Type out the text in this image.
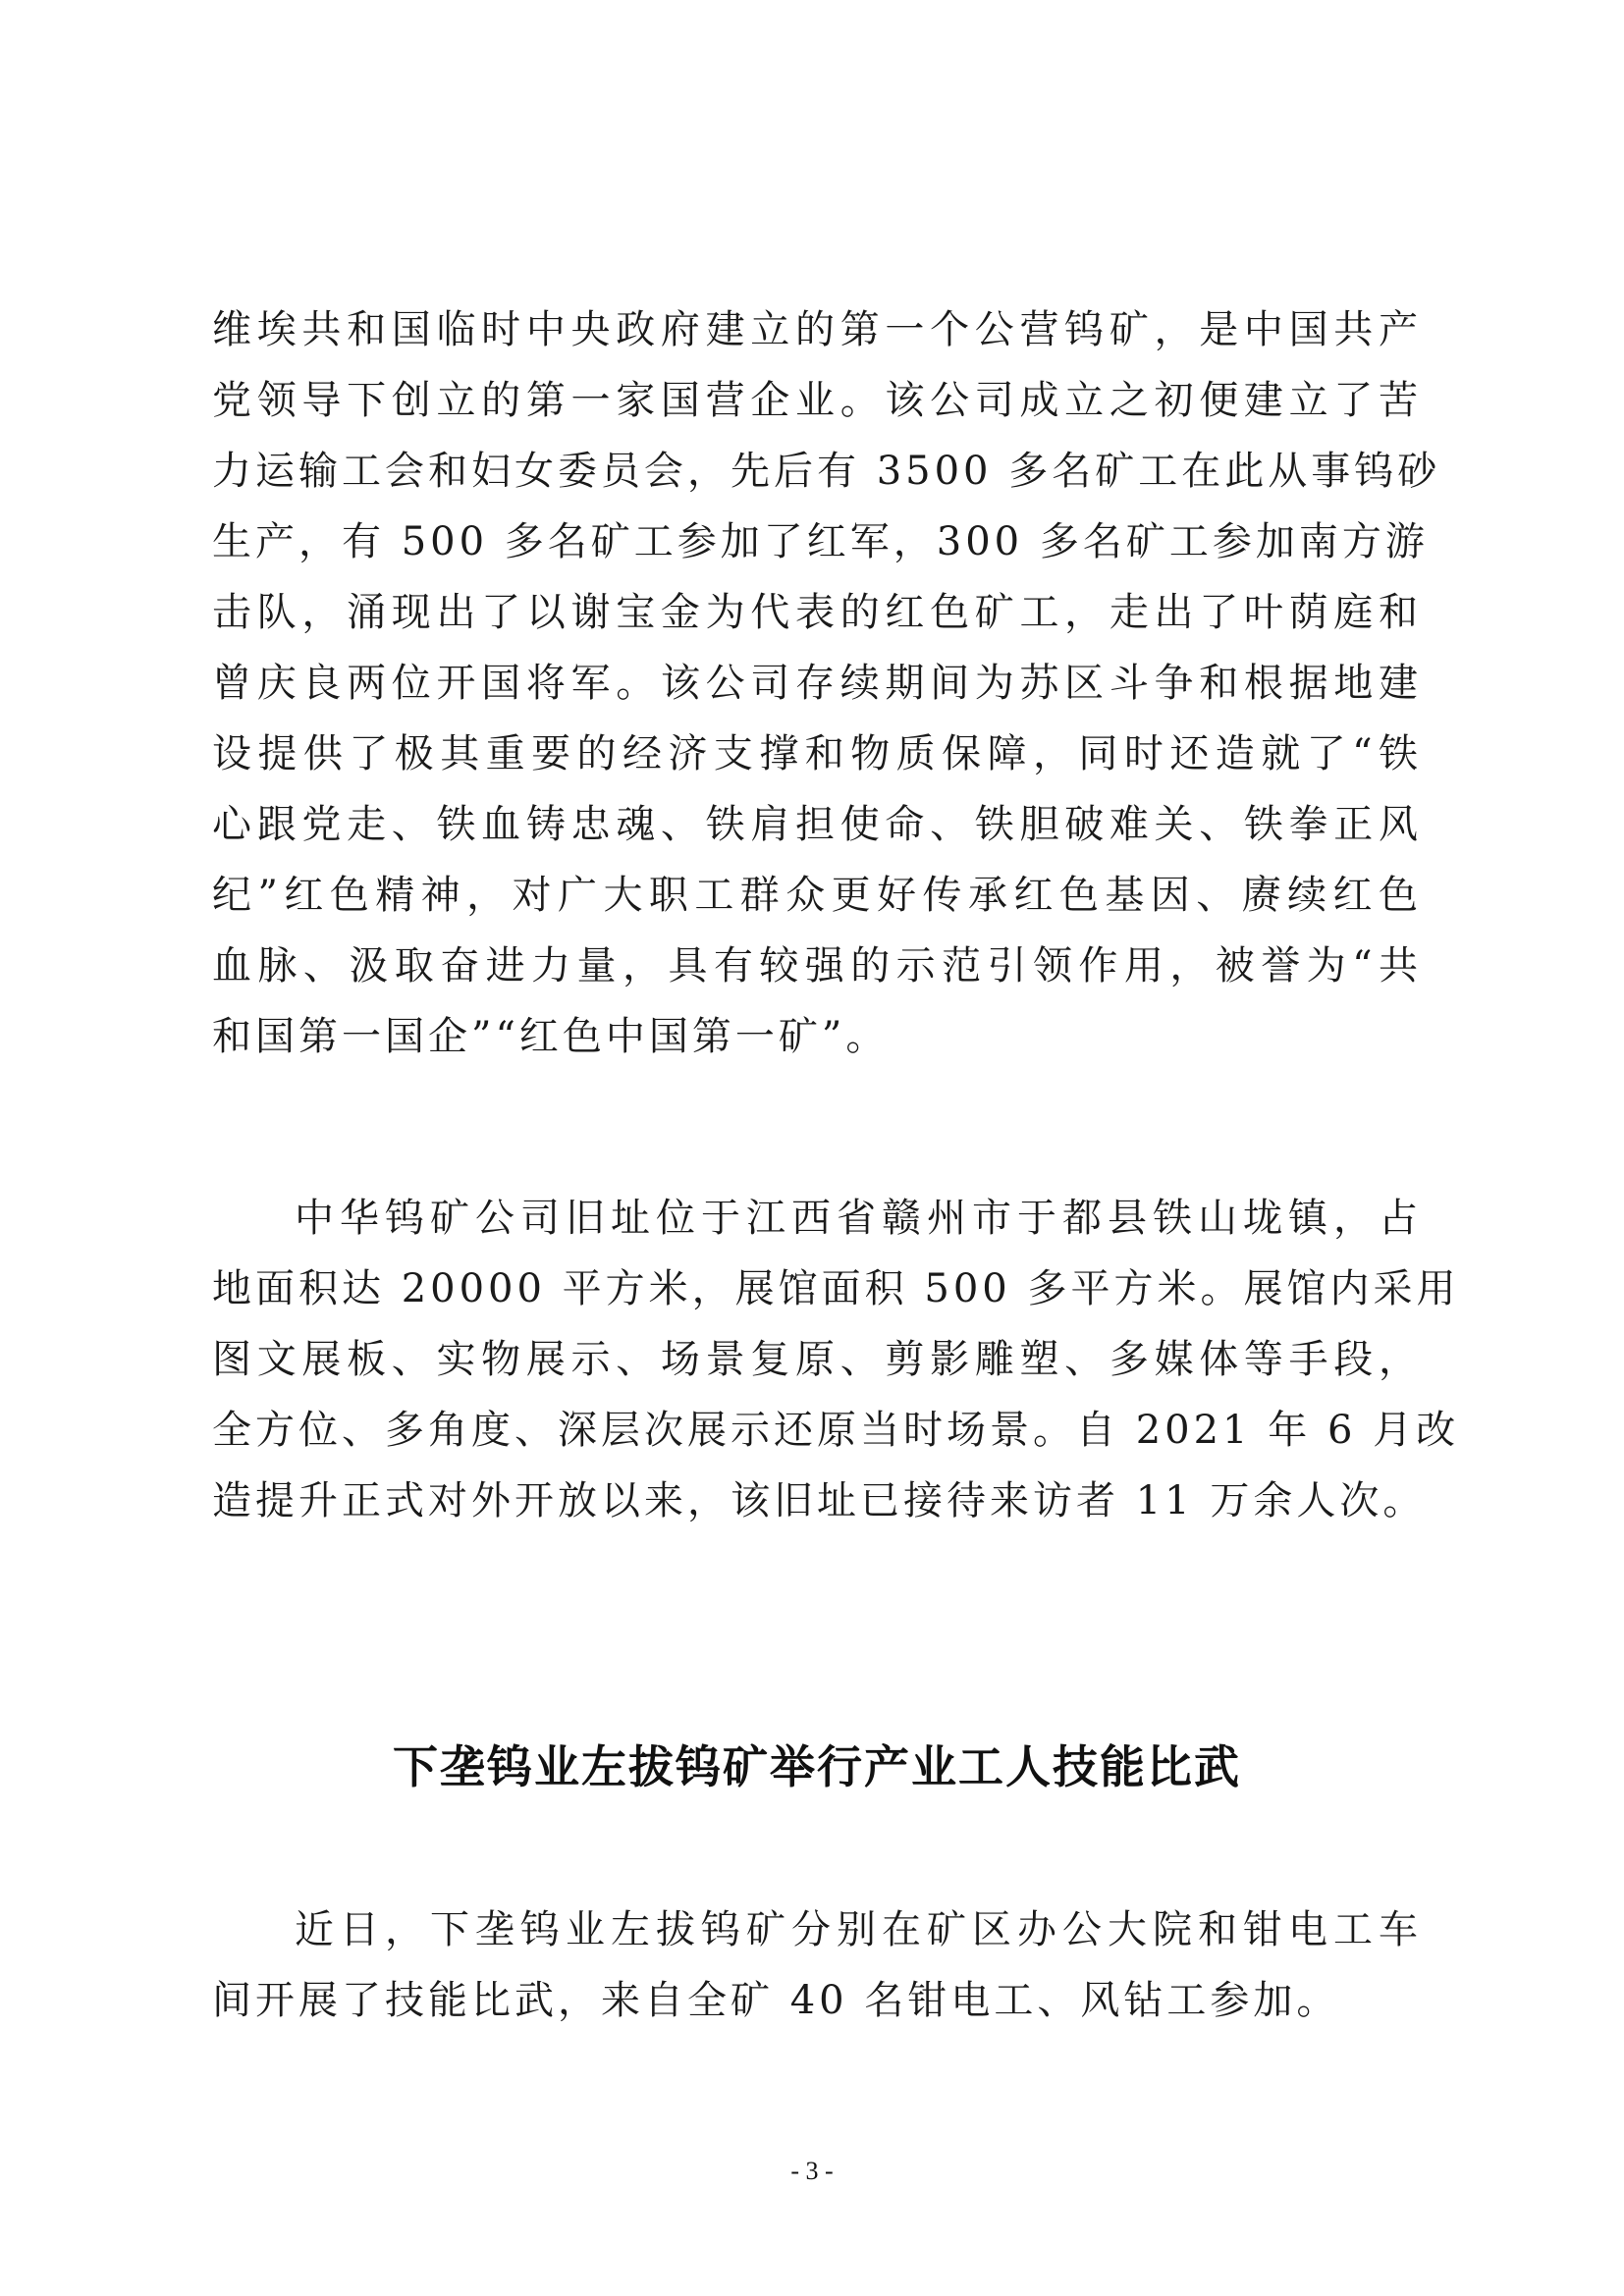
维埃共和国临时中央政府建立的第一个公营钨矿，是中国共产
党领导下创立的第一家国营企业。该公司成立之初便建立了苦
力运输工会和妇女委员会，先后有 3500 多名矿工在此从事钨砂
生产，有 500 多名矿工参加了红军，300 多名矿工参加南方游
击队，涌现出了以谢宝金为代表的红色矿工，走出了叶荫庭和
曾庆良两位开国将军。该公司存续期间为苏区斗争和根据地建
设提供了极其重要的经济支撑和物质保障，同时还造就了“铁
心跟党走、铁血铸忠魂、铁肩担使命、铁胆破难关、铁拳正风
纪”红色精神，对广大职工群众更好传承红色基因、赓续红色
血脉、汲取奋进力量，具有较强的示范引领作用，被誉为“共
和国第一国企”“红色中国第一矿”。
中华钨矿公司旧址位于江西省赣州市于都县铁山垅镇，占
地面积达 20000 平方米，展馆面积 500 多平方米。展馆内采用
图文展板、实物展示、场景复原、剪影雕塑、多媒体等手段，
全方位、多角度、深层次展示还原当时场景。自 2021 年 6 月改
造提升正式对外开放以来，该旧址已接待来访者 11 万余人次。
下垄钨业左拔钨矿举行产业工人技能比武
近日，下垄钨业左拔钨矿分别在矿区办公大院和钳电工车
间开展了技能比武，来自全矿 40 名钳电工、风钻工参加。
- 3 -
